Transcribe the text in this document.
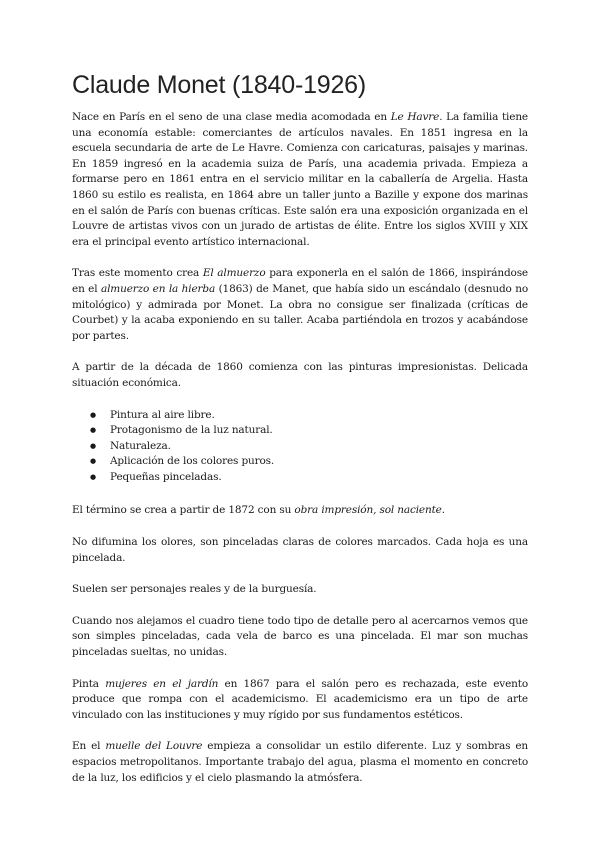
Claude Monet (1840-1926)

Nace en París en el seno de una clase media acomodada en Le Havre. La familia tiene una economía estable: comerciantes de artículos navales. En 1851 ingresa en la escuela secundaria de arte de Le Havre. Comienza con caricaturas, paisajes y marinas. En 1859 ingresó en la academia suiza de París, una academia privada. Empieza a formarse pero en 1861 entra en el servicio militar en la caballería de Argelia. Hasta 1860 su estilo es realista, en 1864 abre un taller junto a Bazille y expone dos marinas en el salón de París con buenas críticas. Este salón era una exposición organizada en el Louvre de artistas vivos con un jurado de artistas de élite. Entre los siglos XVIII y XIX era el principal evento artístico internacional.

Tras este momento crea El almuerzo para exponerla en el salón de 1866, inspirándose en el almuerzo en la hierba (1863) de Manet, que había sido un escándalo (desnudo no mitológico) y admirada por Monet. La obra no consigue ser finalizada (críticas de Courbet) y la acaba exponiendo en su taller. Acaba partiéndola en trozos y acabándose por partes.

A partir de la década de 1860 comienza con las pinturas impresionistas. Delicada situación económica.

● Pintura al aire libre.
● Protagonismo de la luz natural.
● Naturaleza.
● Aplicación de los colores puros.
● Pequeñas pinceladas.

El término se crea a partir de 1872 con su obra impresión, sol naciente.

No difumina los olores, son pinceladas claras de colores marcados. Cada hoja es una pincelada.

Suelen ser personajes reales y de la burguesía.

Cuando nos alejamos el cuadro tiene todo tipo de detalle pero al acercarnos vemos que son simples pinceladas, cada vela de barco es una pincelada. El mar son muchas pinceladas sueltas, no unidas.

Pinta mujeres en el jardín en 1867 para el salón pero es rechazada, este evento produce que rompa con el academicismo. El academicismo era un tipo de arte vinculado con las instituciones y muy rígido por sus fundamentos estéticos.

En el muelle del Louvre empieza a consolidar un estilo diferente. Luz y sombras en espacios metropolitanos. Importante trabajo del agua, plasma el momento en concreto de la luz, los edificios y el cielo plasmando la atmósfera.
